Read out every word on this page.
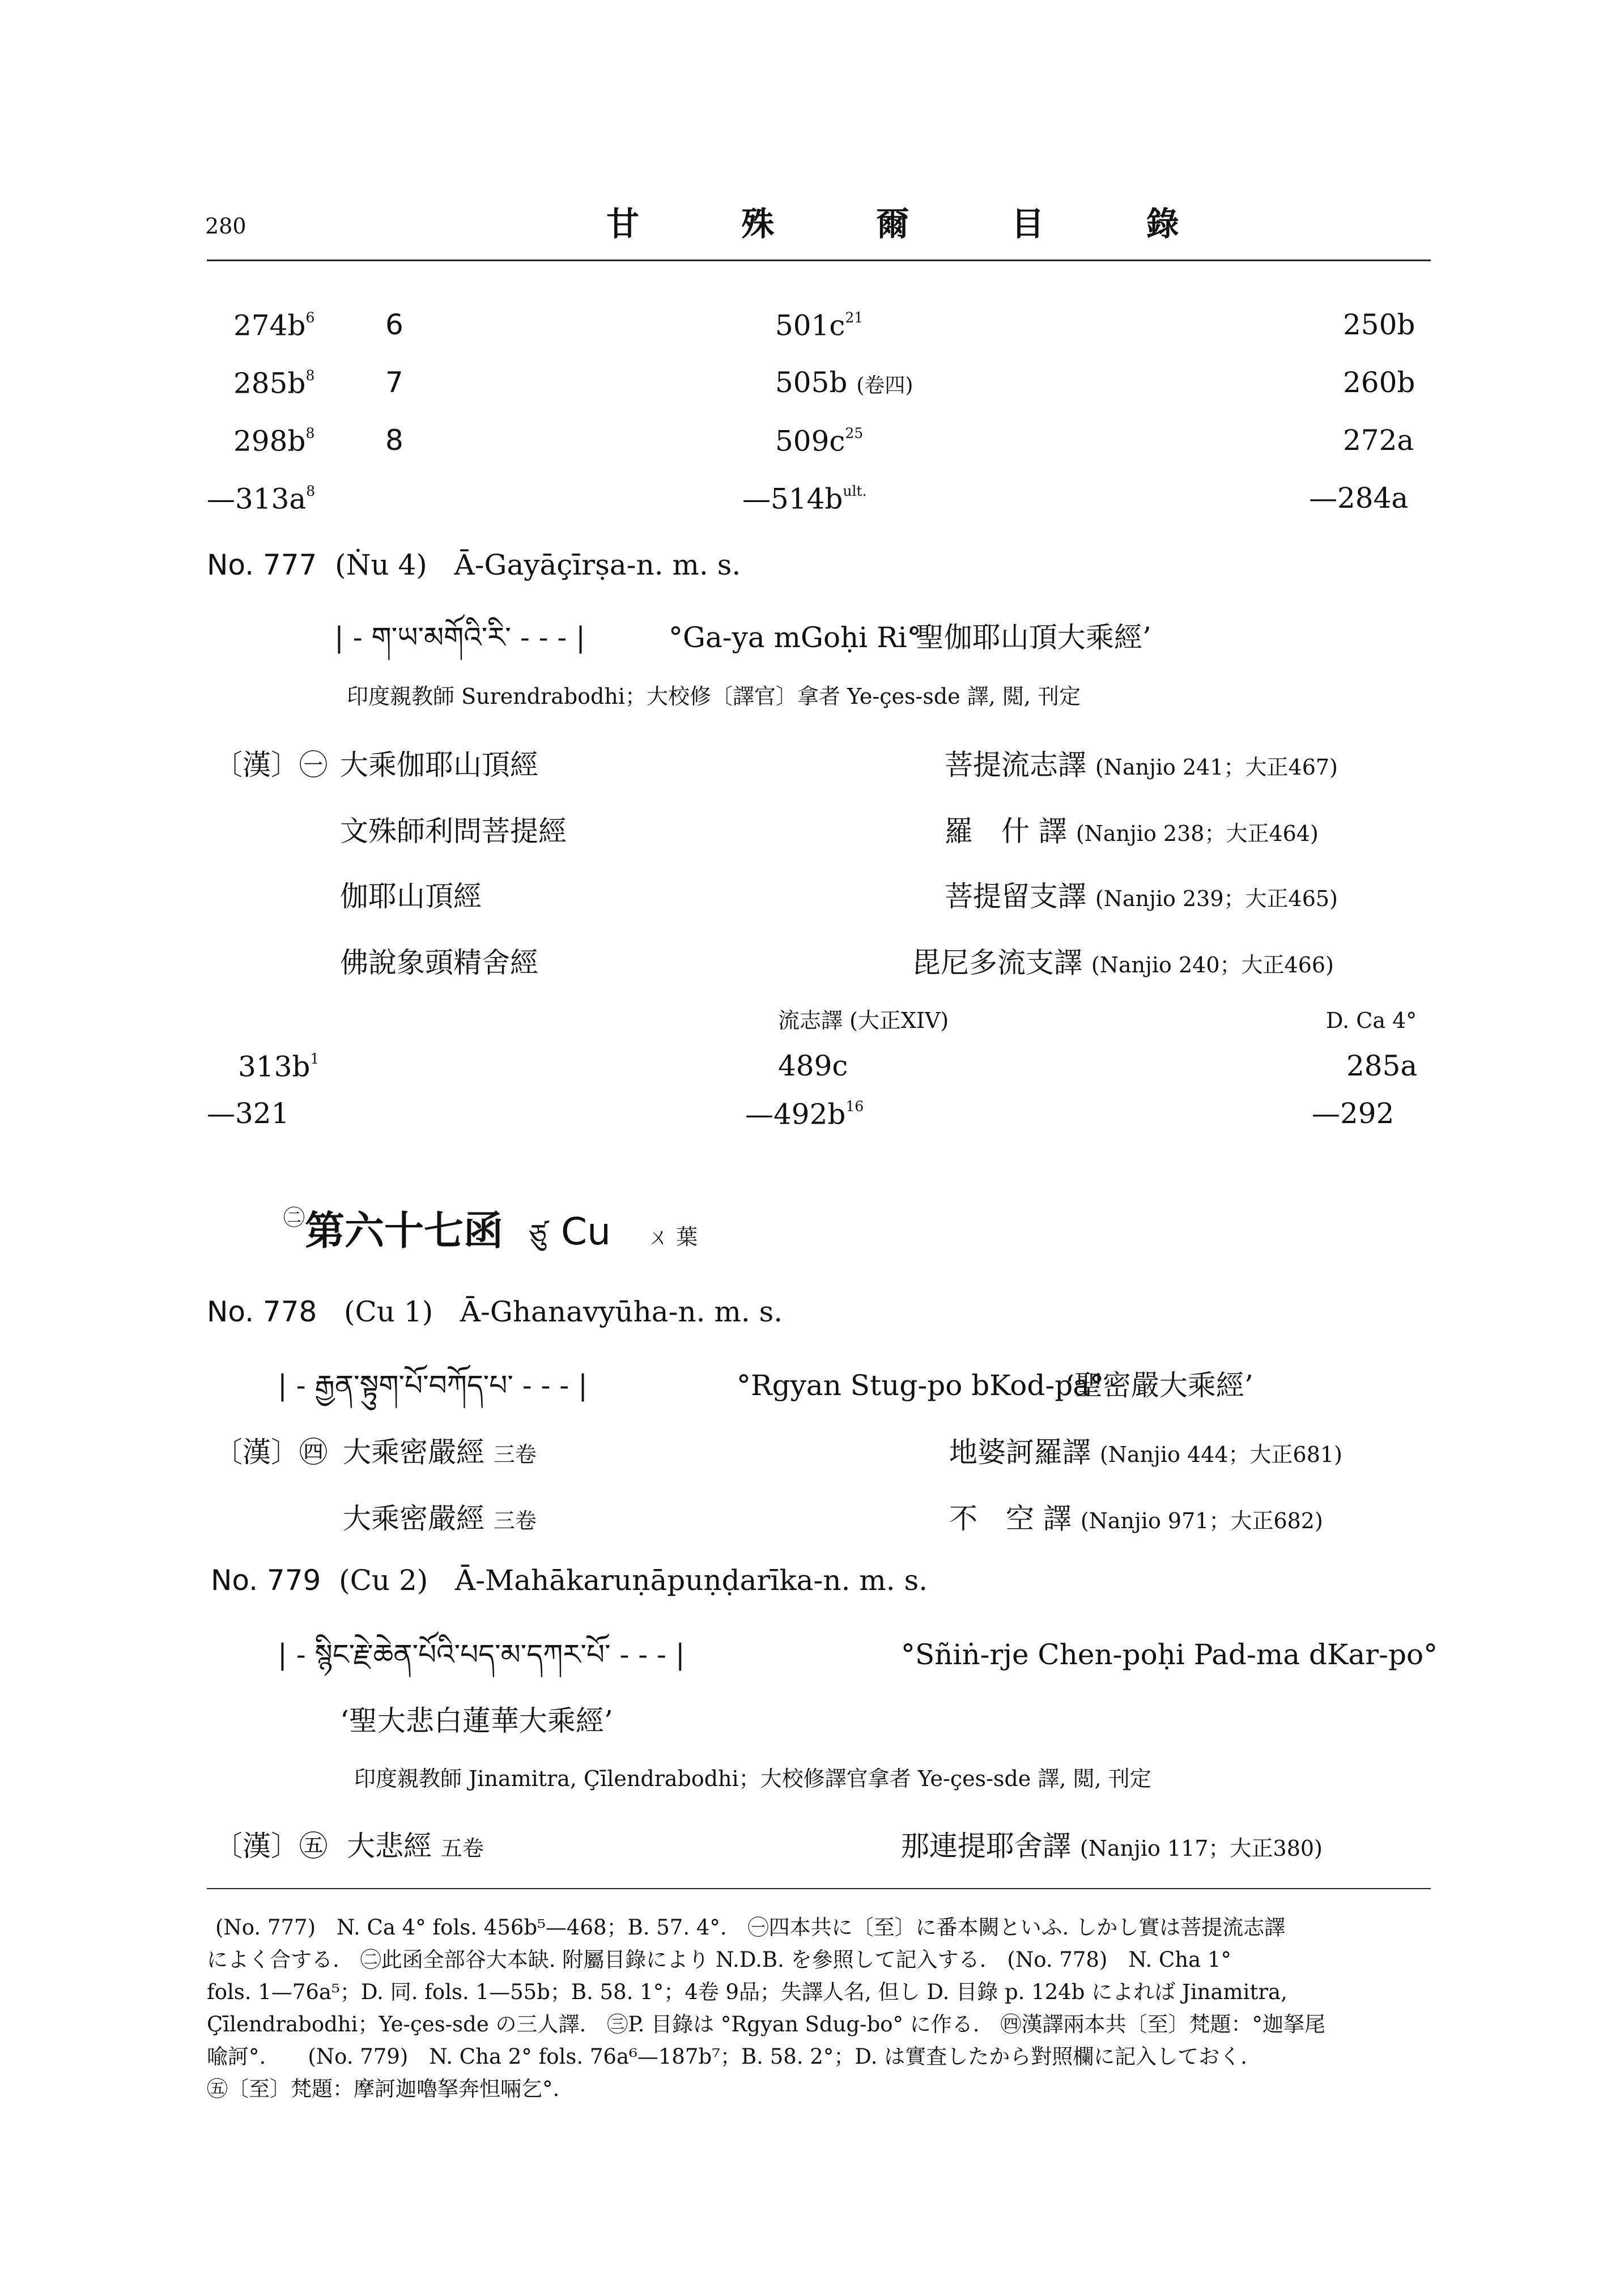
280	甘 殊 爾 目 錄
$274b^6$ 6	$501c^{21}$	250b
$285b^8$ 7	505b (卷四)	260b
$298b^8$ 8	$509c^{25}$	272a
$—313a^8$	$—514b^{ult.}$	—284a
No. 777 (Ṅu 4) Ā-Gayāçīrṣa-n. m. s.
| - ག་ཡ་མགོའི་རི་ - - - |	°Ga-ya mGoḥi Ri°
‘聖伽耶山頂大乘經’
印度親教師 Surendrabodhi；大校修〔譯官〕拿者 Ye-çes-sde 譯, 閲, 刊定
〔漢〕㊀ 大乘伽耶山頂經	菩提流志譯 (Nanjio 241；大正467)
文殊師利問菩提經	羅　什 譯 (Nanjio 238；大正464)
伽耶山頂經	菩提留支譯 (Nanjio 239；大正465)
佛說象頭精舍經	毘尼多流支譯 (Nanjio 240；大正466)
流志譯 (大正XIV)	D. Ca 4°
$313b^1$	489c	285a
—321	$—492b^{16}$	—292
$^㊁$第六十七函 ཙུ Cu ㄨ 葉
No. 778 (Cu 1) Ā-Ghanavyūha-n. m. s.
| - རྒྱན་སྟུག་པོ་བཀོད་པ་ - - - |	°Rgyan Stug-po bKod-pa°
‘聖密嚴大乘經’
〔漢〕㊃ 大乘密嚴經 三卷	地婆訶羅譯 (Nanjio 444；大正681)
大乘密嚴經 三卷	不　空 譯 (Nanjio 971；大正682)
No. 779 (Cu 2) Ā-Mahākaruṇāpuṇḍarīka-n. m. s.
| - སྙིང་རྗེ་ཆེན་པོའི་པད་མ་དཀར་པོ་ - - - |	°Sñiṅ-rje Chen-poḥi Pad-ma dKar-po°
‘聖大悲白蓮華大乘經’
印度親教師 Jinamitra, Çīlendrabodhi；大校修譯官拿者 Ye-çes-sde 譯, 閲, 刊定
〔漢〕㊄ 大悲經 五卷	那連提耶舍譯 (Nanjio 117；大正380)
(No. 777)　N. Ca 4° fols. 456b⁵—468；B. 57. 4°.　㊀四本共に〔至〕に番本闕といふ. しかし實は菩提流志譯
によく合する.　㊁此函全部谷大本缺. 附屬目錄により N.D.B. を參照して記入する.　(No. 778)　N. Cha 1°
fols. 1—76a⁵；D. 同. fols. 1—55b；B. 58. 1°；4卷 9品；失譯人名, 但し D. 目錄 p. 124b によれば Jinamitra,
Çīlendrabodhi；Ye-çes-sde の三人譯.　㊂P. 目錄は °Rgyan Sdug-bo° に作る.　㊃漢譯兩本共〔至〕梵題：°迦拏尾
喩訶°.　　(No. 779)　N. Cha 2° fols. 76a⁶—187b⁷；B. 58. 2°；D. は實査したから對照欄に記入しておく.
㊄〔至〕梵題：摩訶迦嚕拏奔怛啢乞°.
